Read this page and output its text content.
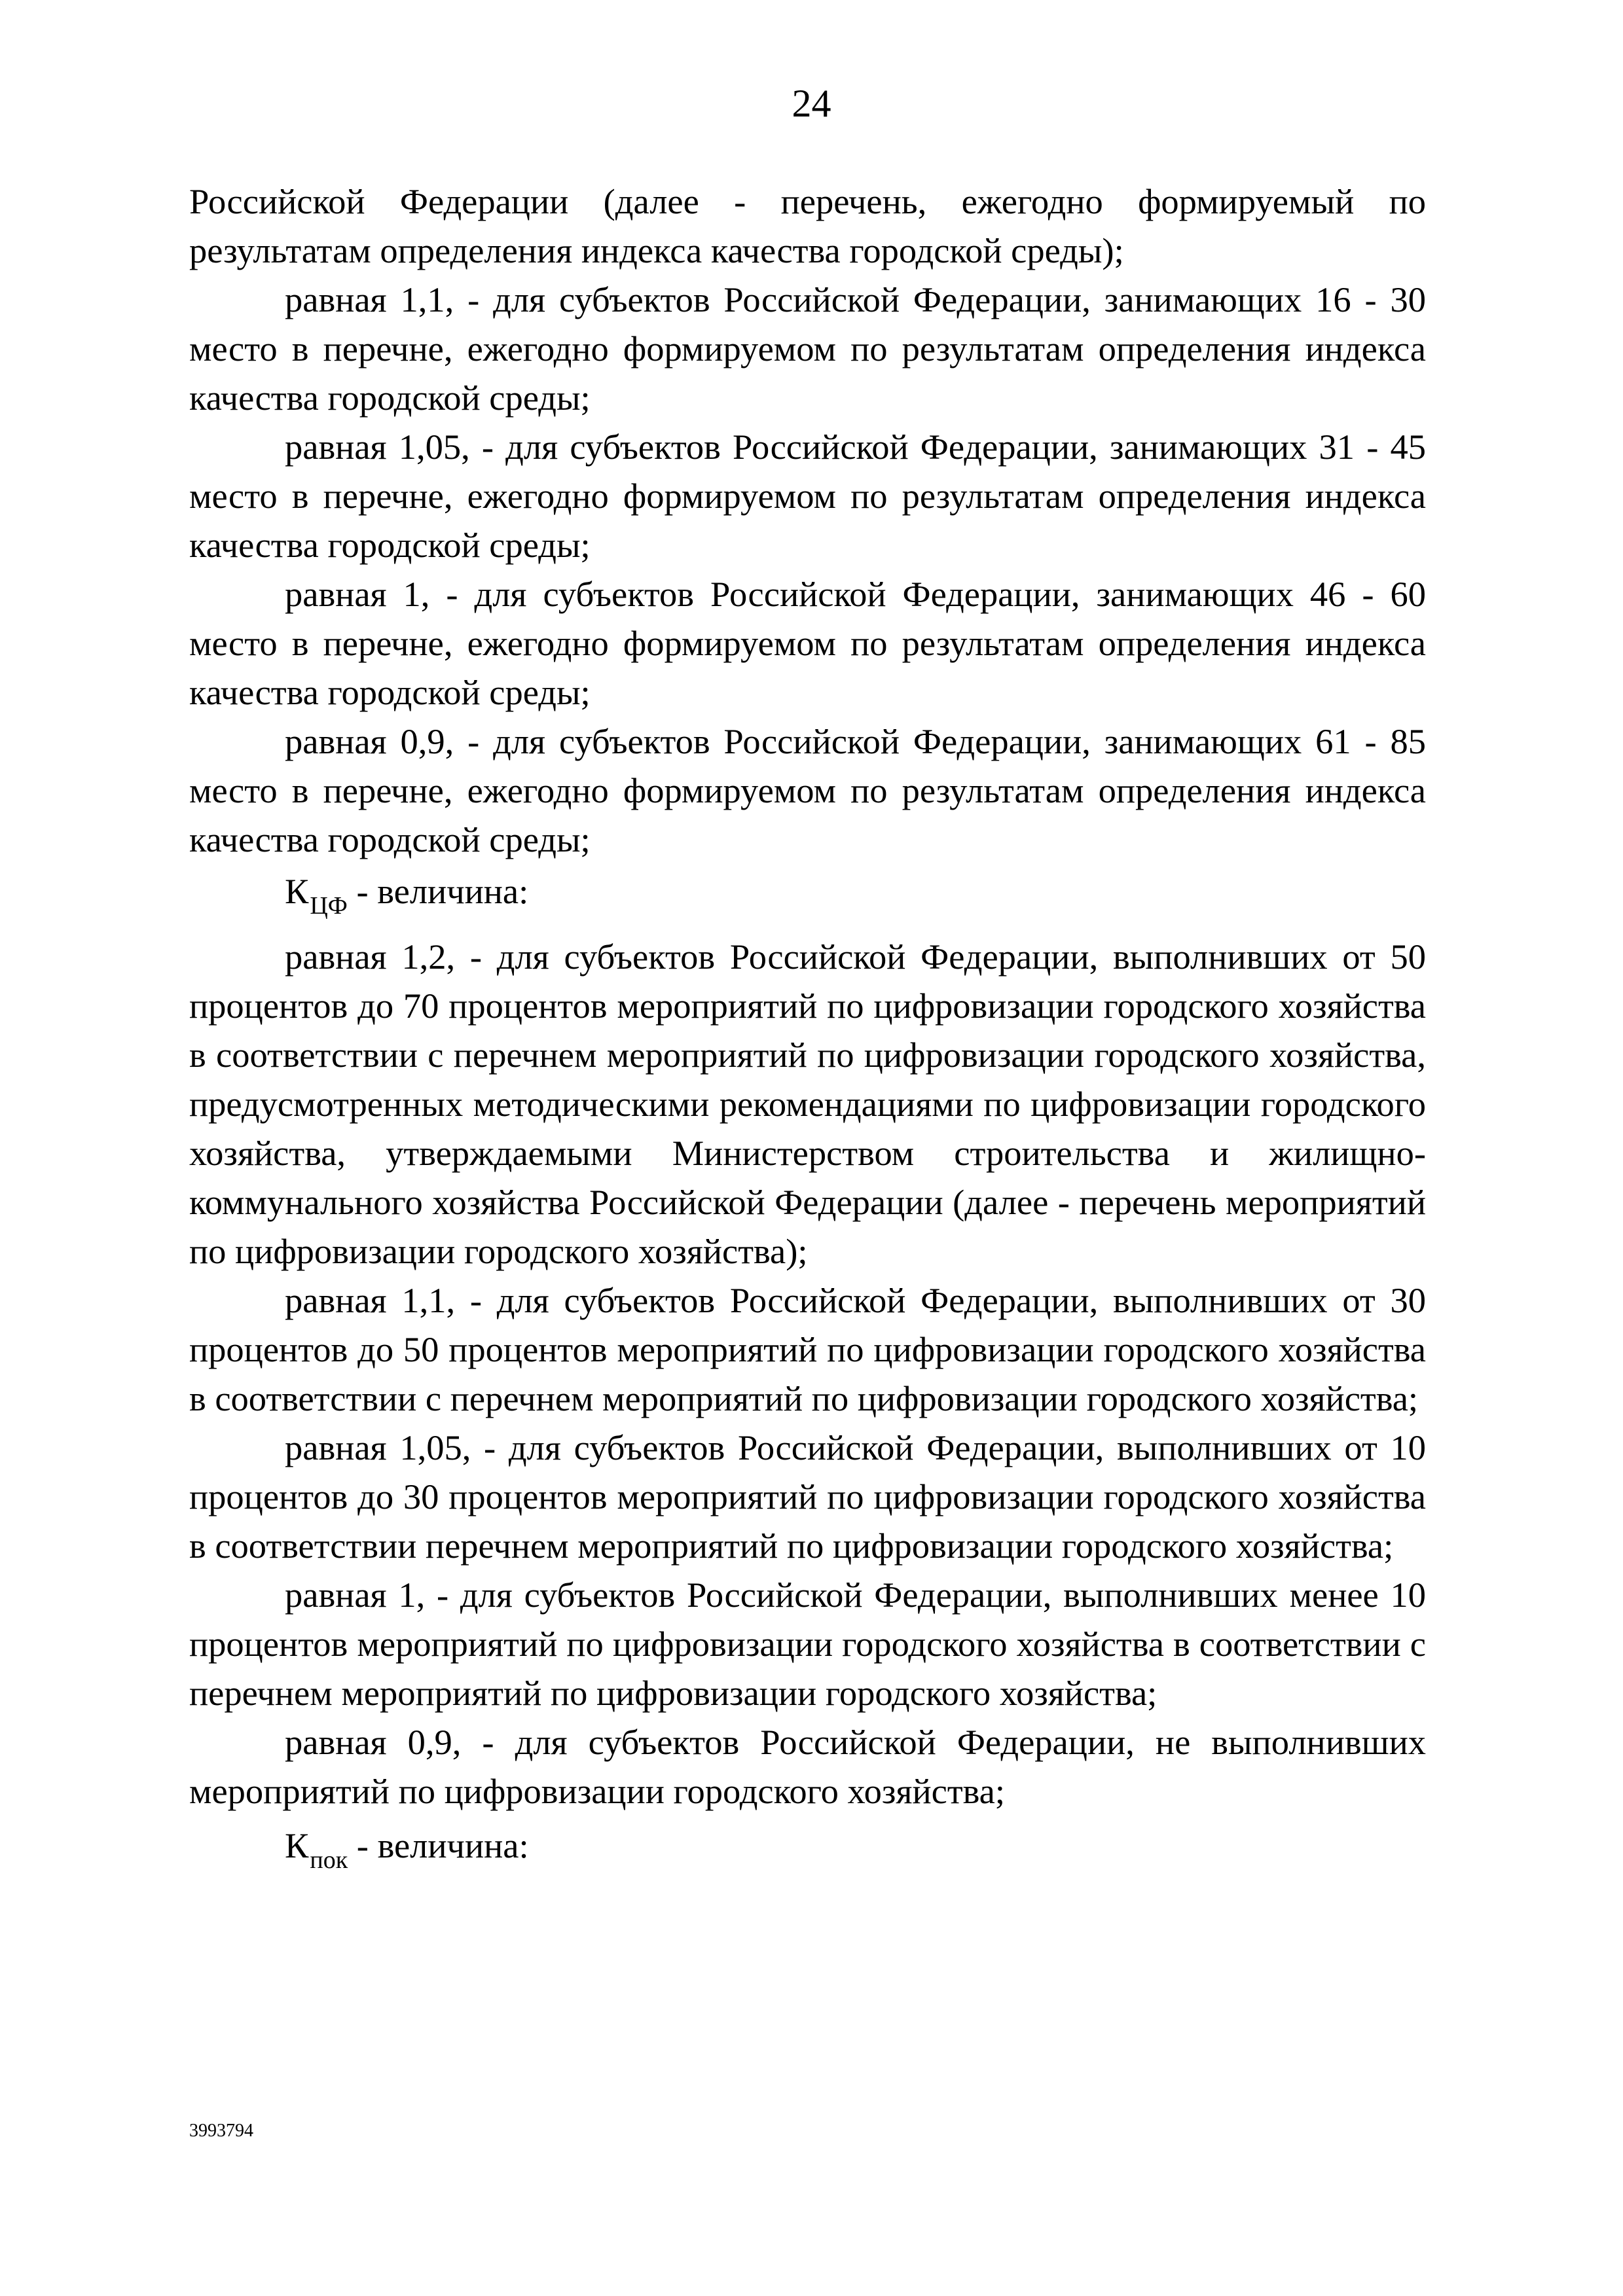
24

Российской Федерации (далее - перечень, ежегодно формируемый по результатам определения индекса качества городской среды);

равная 1,1, - для субъектов Российской Федерации, занимающих 16 - 30 место в перечне, ежегодно формируемом по результатам определения индекса качества городской среды;

равная 1,05, - для субъектов Российской Федерации, занимающих 31 - 45 место в перечне, ежегодно формируемом по результатам определения индекса качества городской среды;

равная 1, - для субъектов Российской Федерации, занимающих 46 - 60 место в перечне, ежегодно формируемом по результатам определения индекса качества городской среды;

равная 0,9, - для субъектов Российской Федерации, занимающих 61 - 85 место в перечне, ежегодно формируемом по результатам определения индекса качества городской среды;

$К_{ЦФ}$ - величина:

равная 1,2, - для субъектов Российской Федерации, выполнивших от 50 процентов до 70 процентов мероприятий по цифровизации городского хозяйства в соответствии с перечнем мероприятий по цифровизации городского хозяйства, предусмотренных методическими рекомендациями по цифровизации городского хозяйства, утверждаемыми Министерством строительства и жилищно-коммунального хозяйства Российской Федерации (далее - перечень мероприятий по цифровизации городского хозяйства);

равная 1,1, - для субъектов Российской Федерации, выполнивших от 30 процентов до 50 процентов мероприятий по цифровизации городского хозяйства в соответствии с перечнем мероприятий по цифровизации городского хозяйства;

равная 1,05, - для субъектов Российской Федерации, выполнивших от 10 процентов до 30 процентов мероприятий по цифровизации городского хозяйства в соответствии перечнем мероприятий по цифровизации городского хозяйства;

равная 1, - для субъектов Российской Федерации, выполнивших менее 10 процентов мероприятий по цифровизации городского хозяйства в соответствии с перечнем мероприятий по цифровизации городского хозяйства;

равная 0,9, - для субъектов Российской Федерации, не выполнивших мероприятий по цифровизации городского хозяйства;

$К_{пок}$ - величина:

3993794
